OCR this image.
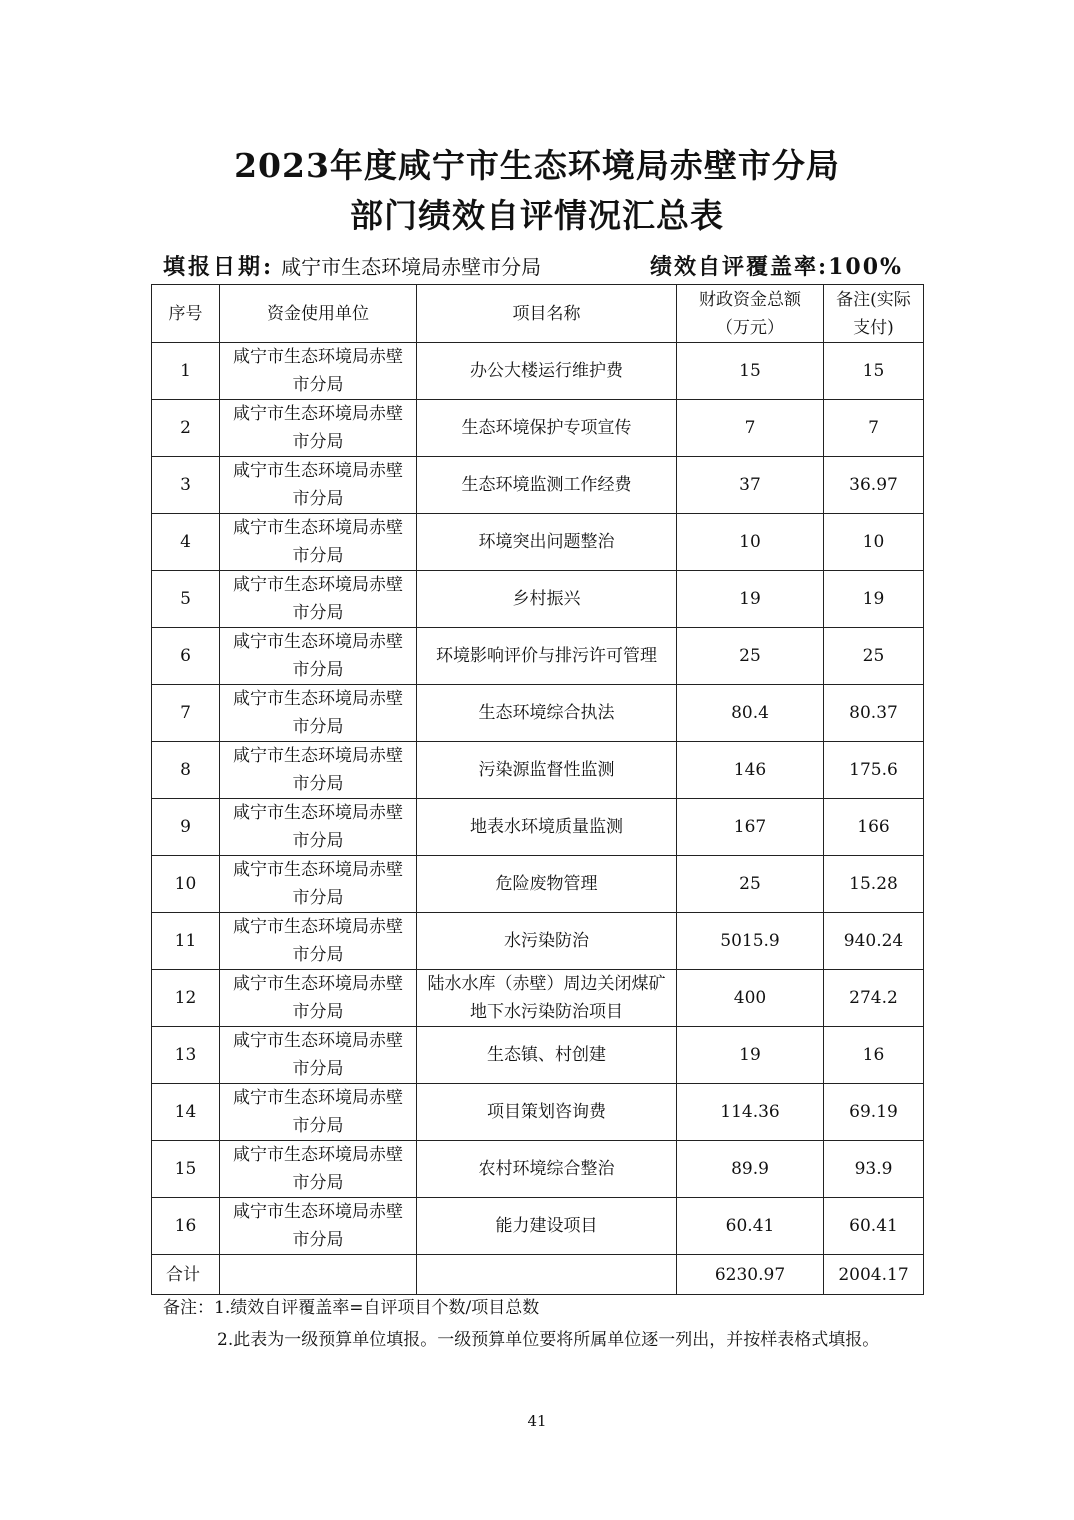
2023年度咸宁市生态环境局赤壁市分局
部门绩效自评情况汇总表
填报日期: 咸宁市生态环境局赤壁市分局	绩效自评覆盖率:100%
序号	资金使用单位	项目名称	财政资金总额（万元）	备注(实际支付)
1	咸宁市生态环境局赤壁市分局	办公大楼运行维护费	15	15
2	咸宁市生态环境局赤壁市分局	生态环境保护专项宣传	7	7
3	咸宁市生态环境局赤壁市分局	生态环境监测工作经费	37	36.97
4	咸宁市生态环境局赤壁市分局	环境突出问题整治	10	10
5	咸宁市生态环境局赤壁市分局	乡村振兴	19	19
6	咸宁市生态环境局赤壁市分局	环境影响评价与排污许可管理	25	25
7	咸宁市生态环境局赤壁市分局	生态环境综合执法	80.4	80.37
8	咸宁市生态环境局赤壁市分局	污染源监督性监测	146	175.6
9	咸宁市生态环境局赤壁市分局	地表水环境质量监测	167	166
10	咸宁市生态环境局赤壁市分局	危险废物管理	25	15.28
11	咸宁市生态环境局赤壁市分局	水污染防治	5015.9	940.24
12	咸宁市生态环境局赤壁市分局	陆水水库（赤壁）周边关闭煤矿地下水污染防治项目	400	274.2
13	咸宁市生态环境局赤壁市分局	生态镇、村创建	19	16
14	咸宁市生态环境局赤壁市分局	项目策划咨询费	114.36	69.19
15	咸宁市生态环境局赤壁市分局	农村环境综合整治	89.9	93.9
16	咸宁市生态环境局赤壁市分局	能力建设项目	60.41	60.41
合计			6230.97	2004.17
备注：1.绩效自评覆盖率=自评项目个数/项目总数
2.此表为一级预算单位填报。一级预算单位要将所属单位逐一列出，并按样表格式填报。
41
